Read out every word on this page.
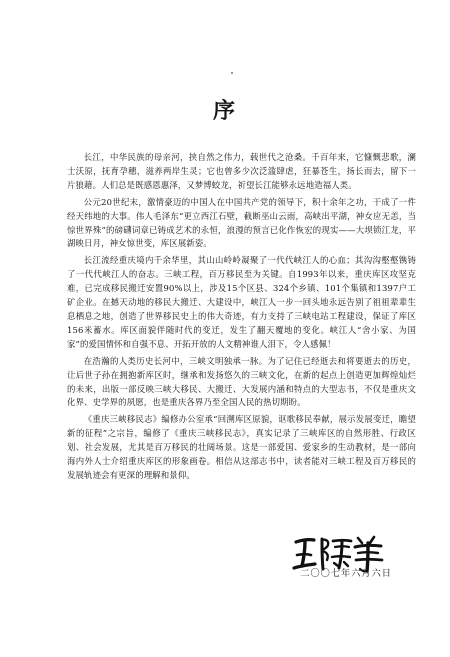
序

长江，中华民族的母亲河，挟自然之伟力，载世代之沧桑。千百年来，它慷慨悲歌，澜士沃原，抚育孕穗，滋养两岸生灵；它也曾多少次泛滥肆虐，狂暴苍生，扬长而去，留下一片狼藉。人们总是既感恩惠泽，又梦博蛟龙，祈望长江能够永远地造福人类。

公元20世纪末，激情豪迈的中国人在中国共产党的领导下，积十余年之功，干成了一件经天纬地的大事。伟人毛泽东“更立西江石壁，截断巫山云雨，高峡出平湖，神女应无恙，当惊世界殊”的磅礴词章已铸成艺术的永恒，浪漫的预言已化作恢宏的现实——大坝锁江龙，平湖映日月，神女惊世变，库区展新姿。

长江流经重庆境内千余华里，其山山岭岭凝聚了一代代峡江人的心血；其沟沟壑壑镌铸了一代代峡江人的奋志。三峡工程，百万移民至为关键。自1993年以来，重庆库区攻坚克难，已完成移民搬迁安置90%以上，涉及15个区县、324个乡镇、101个集镇和1397户工矿企业。在撼天动地的移民大搬迁、大建设中，峡江人一步一回头地永远告别了祖祖辈辈生息栖息之地，创造了世界移民史上的伟大奇迹，有力支持了三峡电站工程建设，保证了库区156米蓄水。库区面貌伴随时代的变迁，发生了翻天覆地的变化。峡江人“舍小家、为国家”的爱国情怀和自强不息、开拓开放的人文精神谁人泪下，令人感佩！

在浩瀚的人类历史长河中，三峡文明独承一脉。为了记住已经逝去和将要逝去的历史，让后世子孙在拥抱新库区时，继承和发扬悠久的三峡文化，在新的起点上创造更加辉煌灿烂的未来，出版一部反映三峡大移民、大搬迁、大发展内涵和特点的大型志书，不仅是重庆文化界、史学界的夙愿，也是重庆各界乃至全国人民的热切期盼。

《重庆三峡移民志》编修办公室承“回溯库区原貌，讴歌移民奉献，展示发展变迁，瞻望新的征程”之宗旨，编修了《重庆三峡移民志》，真实记录了三峡库区的自然形胜、行政区划、社会发展，尤其是百万移民的壮阔场景。这是一部爱国、爱家乡的生动教材，是一部向海内外人士介绍重庆库区的形象画卷。相信从这部志书中，读者能对三峡工程及百万移民的发展轨迹会有更深的理解和景仰。

二〇〇七年六月六日
